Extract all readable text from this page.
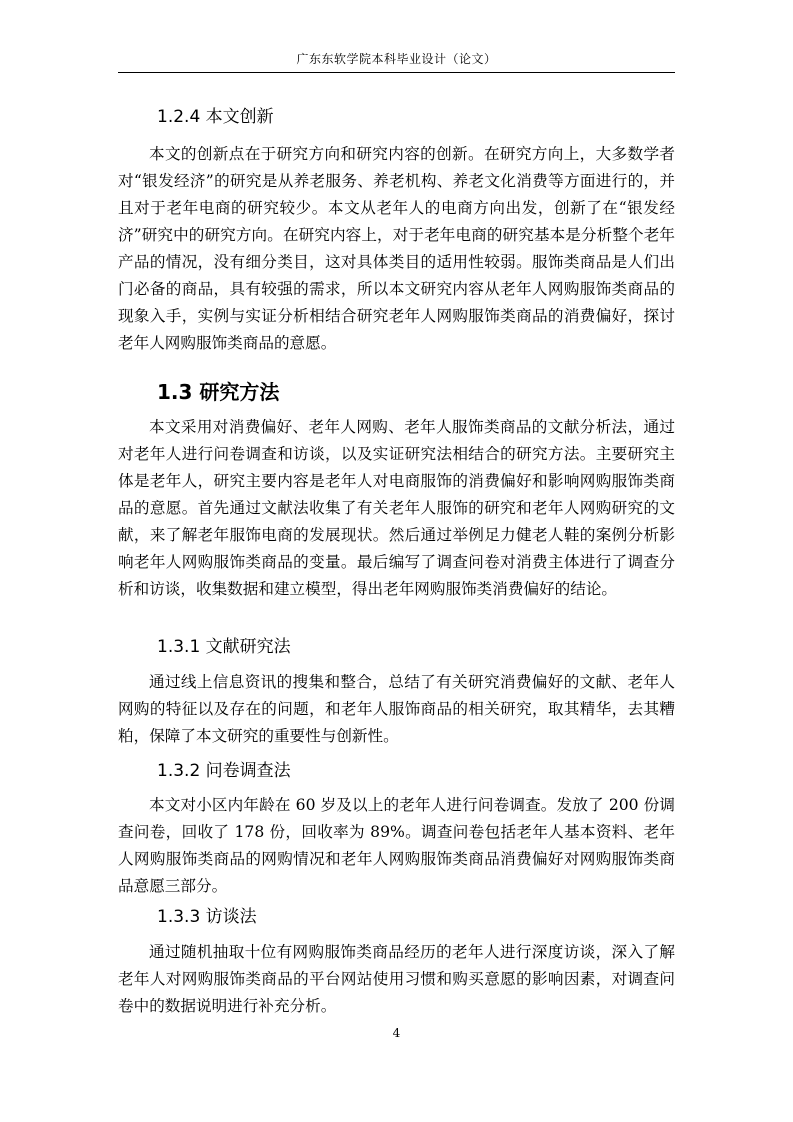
广东东软学院本科毕业设计（论文）
1.2.4 本文创新

本文的创新点在于研究方向和研究内容的创新。在研究方向上，大多数学者对“银发经济”的研究是从养老服务、养老机构、养老文化消费等方面进行的，并且对于老年电商的研究较少。本文从老年人的电商方向出发，创新了在“银发经济”研究中的研究方向。在研究内容上，对于老年电商的研究基本是分析整个老年产品的情况，没有细分类目，这对具体类目的适用性较弱。服饰类商品是人们出门必备的商品，具有较强的需求，所以本文研究内容从老年人网购服饰类商品的现象入手，实例与实证分析相结合研究老年人网购服饰类商品的消费偏好，探讨老年人网购服饰类商品的意愿。

1.3 研究方法

本文采用对消费偏好、老年人网购、老年人服饰类商品的文献分析法，通过对老年人进行问卷调查和访谈，以及实证研究法相结合的研究方法。主要研究主体是老年人，研究主要内容是老年人对电商服饰的消费偏好和影响网购服饰类商品的意愿。首先通过文献法收集了有关老年人服饰的研究和老年人网购研究的文献，来了解老年服饰电商的发展现状。然后通过举例足力健老人鞋的案例分析影响老年人网购服饰类商品的变量。最后编写了调查问卷对消费主体进行了调查分析和访谈，收集数据和建立模型，得出老年网购服饰类消费偏好的结论。

1.3.1 文献研究法

通过线上信息资讯的搜集和整合，总结了有关研究消费偏好的文献、老年人网购的特征以及存在的问题，和老年人服饰商品的相关研究，取其精华，去其糟粕，保障了本文研究的重要性与创新性。

1.3.2 问卷调查法

本文对小区内年龄在 60 岁及以上的老年人进行问卷调查。发放了 200 份调查问卷，回收了 178 份，回收率为 89%。调查问卷包括老年人基本资料、老年人网购服饰类商品的网购情况和老年人网购服饰类商品消费偏好对网购服饰类商品意愿三部分。

1.3.3 访谈法

通过随机抽取十位有网购服饰类商品经历的老年人进行深度访谈，深入了解老年人对网购服饰类商品的平台网站使用习惯和购买意愿的影响因素，对调查问卷中的数据说明进行补充分析。

4
